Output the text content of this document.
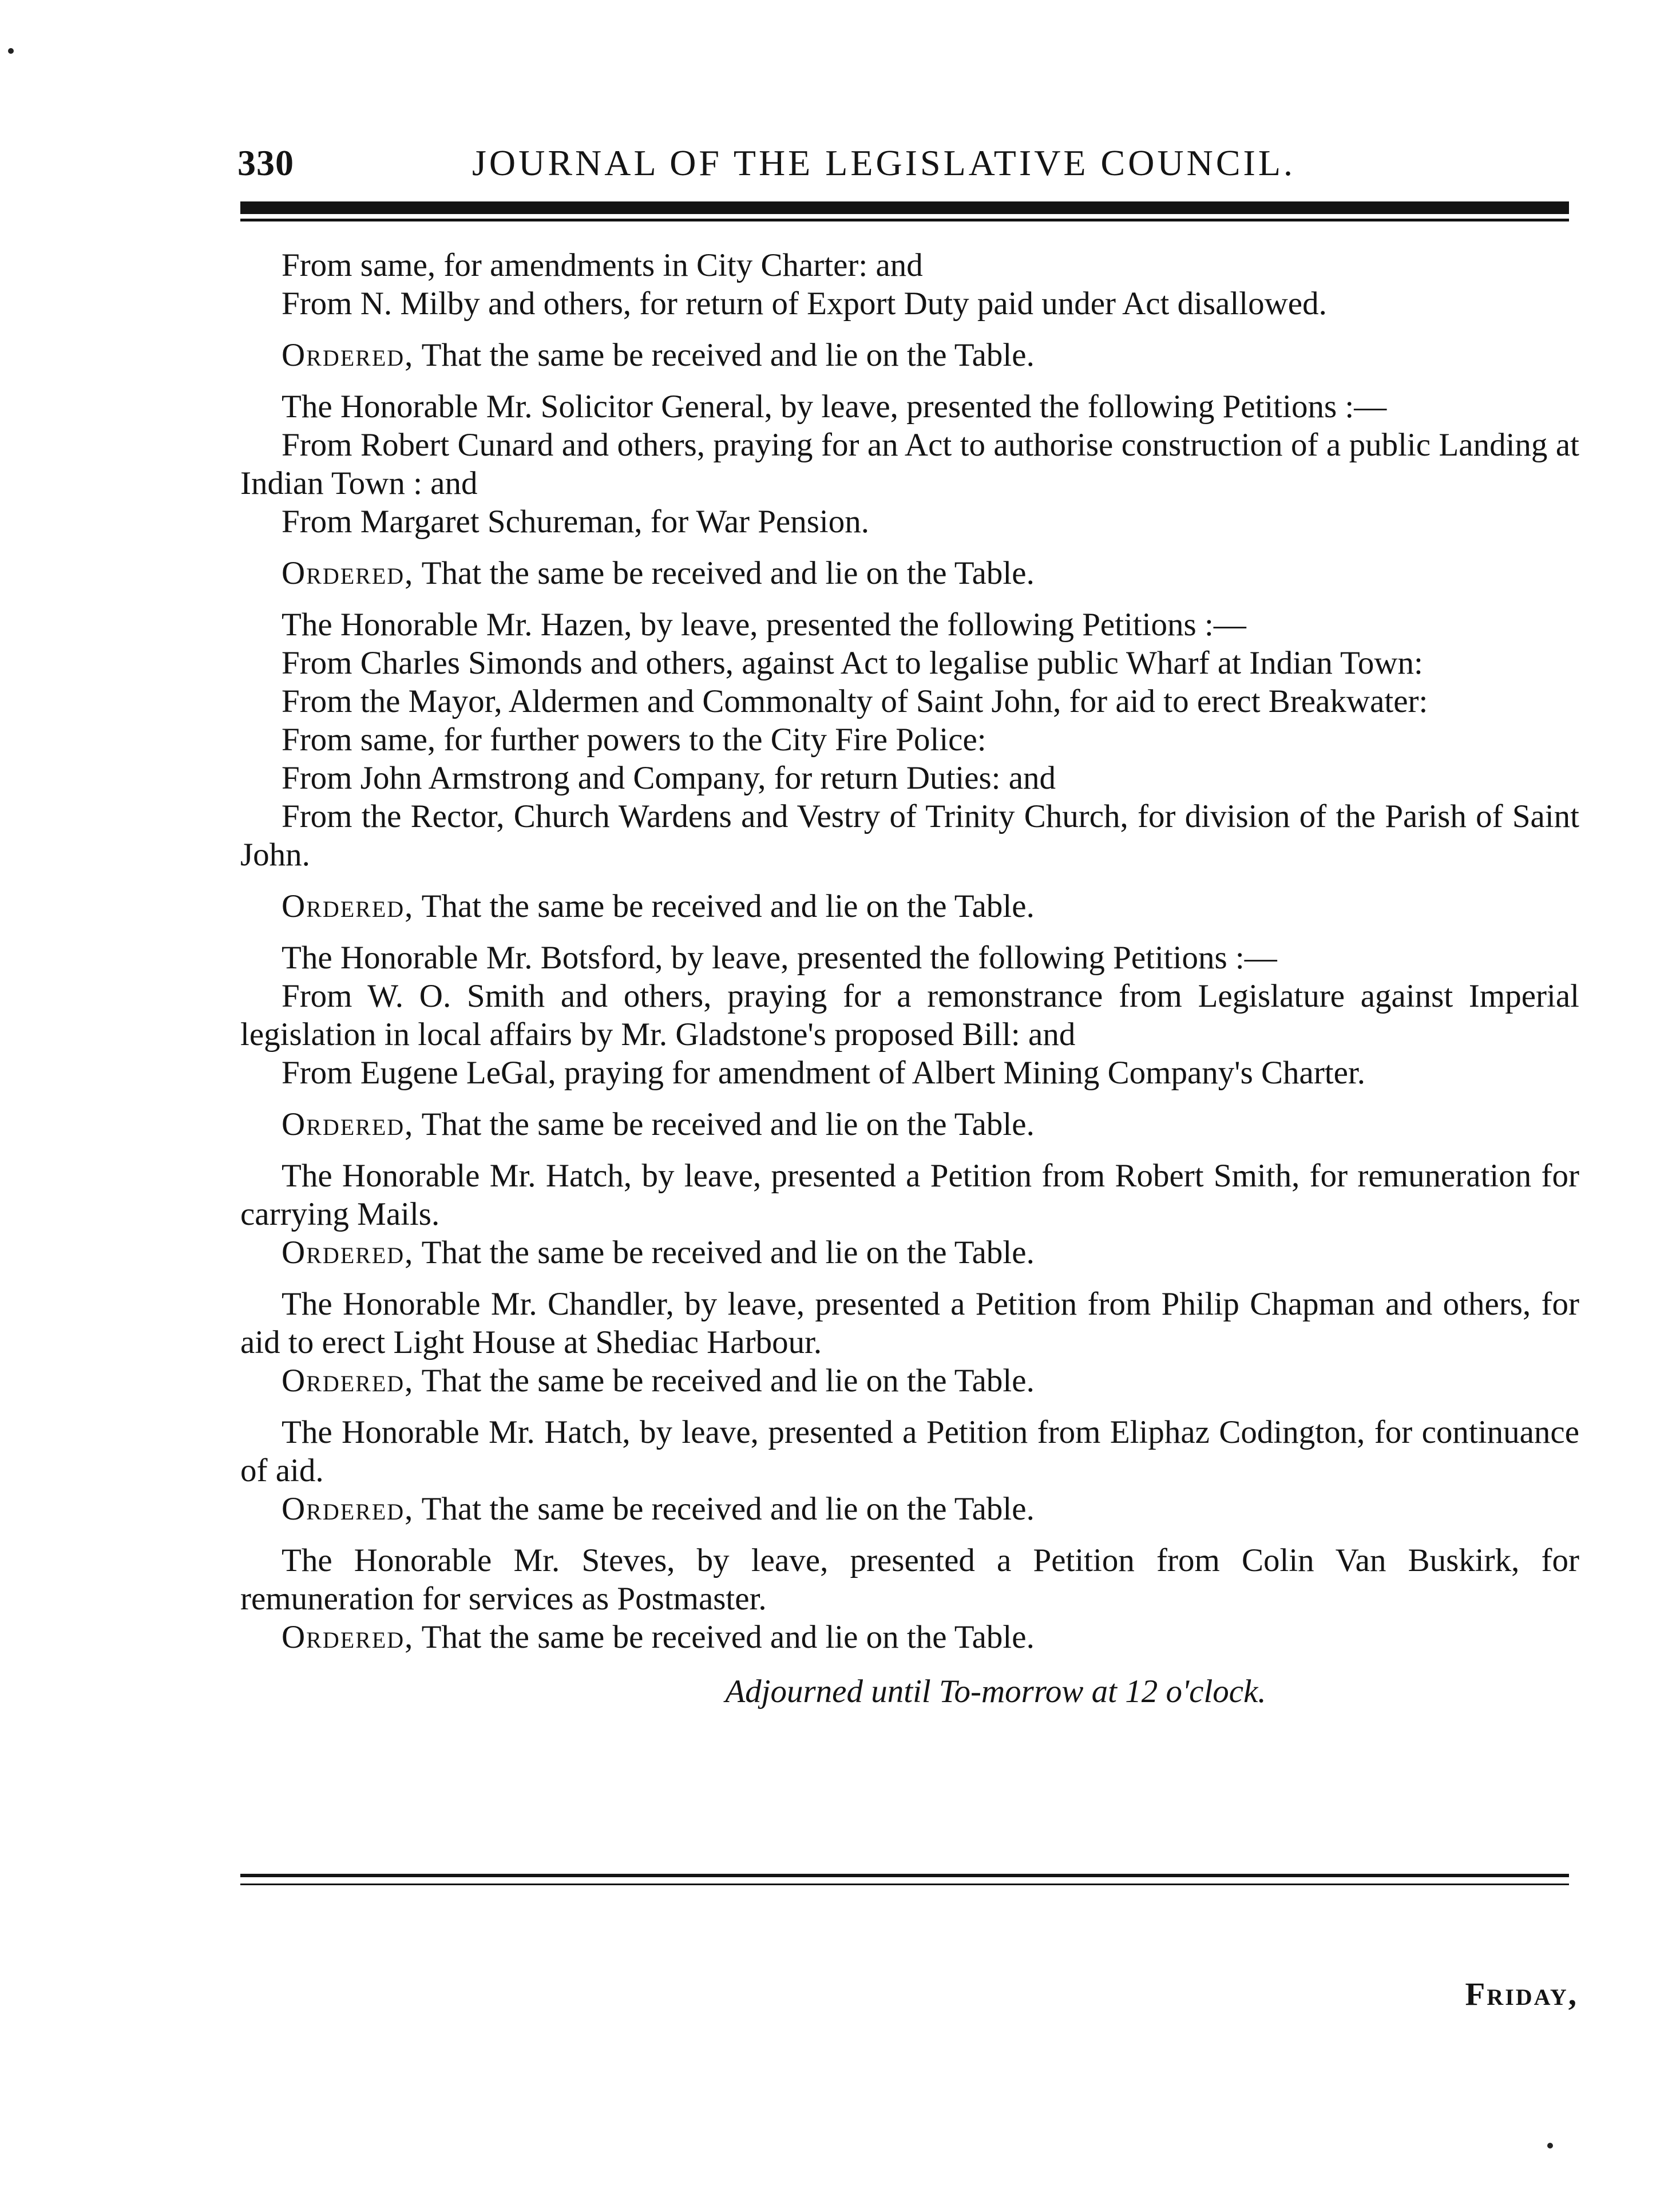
330	JOURNAL OF THE LEGISLATIVE COUNCIL.

From same, for amendments in City Charter: and

From N. Milby and others, for return of Export Duty paid under Act disallowed.

Ordered, That the same be received and lie on the Table.

The Honorable Mr. Solicitor General, by leave, presented the following Petitions :—

From Robert Cunard and others, praying for an Act to authorise construction of a public Landing at Indian Town : and

From Margaret Schureman, for War Pension.

Ordered, That the same be received and lie on the Table.

The Honorable Mr. Hazen, by leave, presented the following Petitions :—

From Charles Simonds and others, against Act to legalise public Wharf at Indian Town:

From the Mayor, Aldermen and Commonalty of Saint John, for aid to erect Breakwater:

From same, for further powers to the City Fire Police:

From John Armstrong and Company, for return Duties: and

From the Rector, Church Wardens and Vestry of Trinity Church, for division of the Parish of Saint John.

Ordered, That the same be received and lie on the Table.

The Honorable Mr. Botsford, by leave, presented the following Petitions :—

From W. O. Smith and others, praying for a remonstrance from Legislature against Imperial legislation in local affairs by Mr. Gladstone's proposed Bill: and

From Eugene LeGal, praying for amendment of Albert Mining Company's Charter.

Ordered, That the same be received and lie on the Table.

The Honorable Mr. Hatch, by leave, presented a Petition from Robert Smith, for remuneration for carrying Mails.

Ordered, That the same be received and lie on the Table.

The Honorable Mr. Chandler, by leave, presented a Petition from Philip Chapman and others, for aid to erect Light House at Shediac Harbour.

Ordered, That the same be received and lie on the Table.

The Honorable Mr. Hatch, by leave, presented a Petition from Eliphaz Codington, for continuance of aid.

Ordered, That the same be received and lie on the Table.

The Honorable Mr. Steves, by leave, presented a Petition from Colin Van Buskirk, for remuneration for services as Postmaster.

Ordered, That the same be received and lie on the Table.

Adjourned until To-morrow at 12 o'clock.

Friday,
